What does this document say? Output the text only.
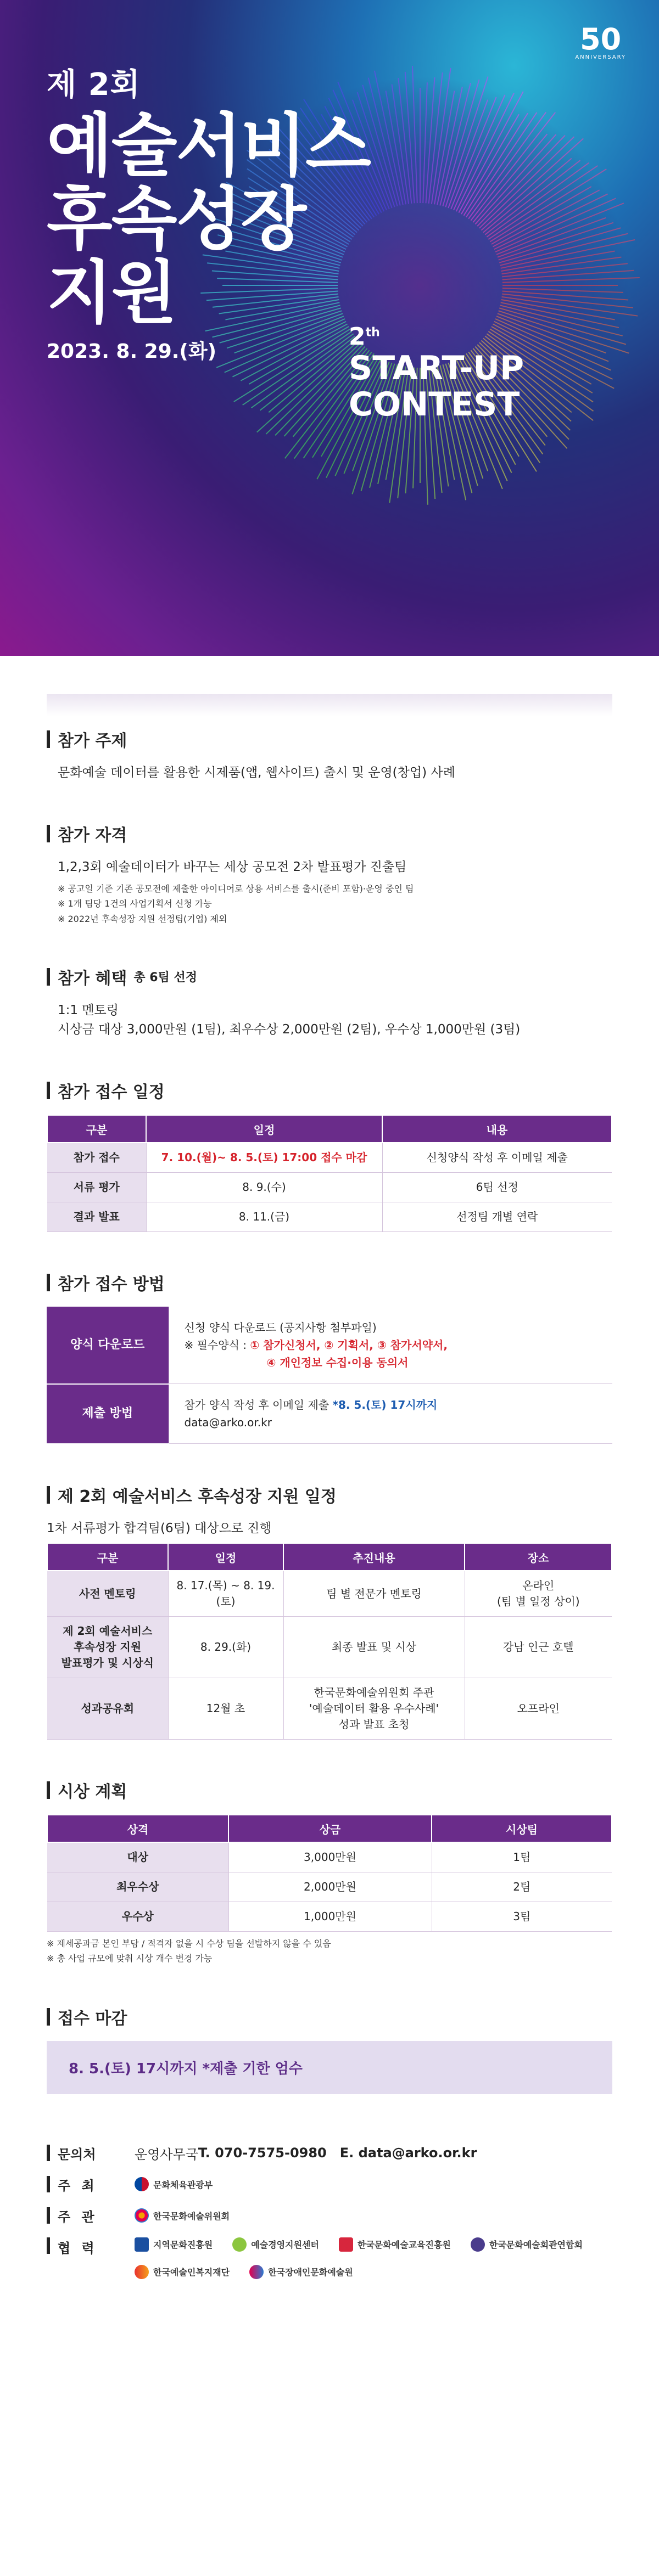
50
ANNIVERSARY
제 2회
예술서비스
후속성장
지원
2023. 8. 29.(화)
2th
START-UP
CONTEST
참가 주제
문화예술 데이터를 활용한 시제품(앱, 웹사이트) 출시 및 운영(창업) 사례
참가 자격
1,2,3회 예술데이터가 바꾸는 세상 공모전 2차 발표평가 진출팀
※ 공고일 기준 기존 공모전에 제출한 아이디어로 상용 서비스를 출시(준비 포함)·운영 중인 팀
※ 1개 팀당 1건의 사업기획서 신청 가능
※ 2022년 후속성장 지원 선정팀(기업) 제외
참가 혜택 총 6팀 선정
1:1 멘토링
시상금 대상 3,000만원 (1팀), 최우수상 2,000만원 (2팀), 우수상 1,000만원 (3팀)
참가 접수 일정
구분	일정	내용
참가 접수	7. 10.(월)~ 8. 5.(토) 17:00 접수 마감	신청양식 작성 후 이메일 제출
서류 평가	8. 9.(수)	6팀 선정
결과 발표	8. 11.(금)	선정팀 개별 연락
참가 접수 방법
양식 다운로드	신청 양식 다운로드 (공지사항 첨부파일)
※ 필수양식 : ① 참가신청서, ② 기획서, ③ 참가서약서,
④ 개인정보 수집·이용 동의서

제출 방법	참가 양식 작성 후 이메일 제출 *8. 5.(토) 17시까지
data@arko.or.kr
제 2회 예술서비스 후속성장 지원 일정
1차 서류평가 합격팀(6팀) 대상으로 진행
구분	일정	추진내용	장소
사전 멘토링	8. 17.(목) ~ 8. 19.(토)	팀 별 전문가 멘토링	온라인
(팀 별 일정 상이)
제 2회 예술서비스
후속성장 지원
발표평가 및 시상식	8. 29.(화)	최종 발표 및 시상	강남 인근 호텔
성과공유회	12월 초	한국문화예술위원회 주관
'예술데이터 활용 우수사례'
성과 발표 초청	오프라인
시상 계획
상격	상금	시상팀
대상	3,000만원	1팀
최우수상	2,000만원	2팀
우수상	1,000만원	3팀
※ 제세공과금 본인 부담 / 적격자 없을 시 수상 팀을 선발하지 않을 수 있음
※ 총 사업 규모에 맞춰 시상 개수 변경 가능
접수 마감
8. 5.(토) 17시까지 *제출 기한 엄수
문의처	운영사무국 T. 070-7575-0980 E. data@arko.or.kr
주 최	문화체육관광부
주 관	한국문화예술위원회
협 력	지역문화진흥원	예술경영지원센터	한국문화예술교육진흥원	한국문화예술회관연합회
한국예술인복지재단	한국장애인문화예술원
